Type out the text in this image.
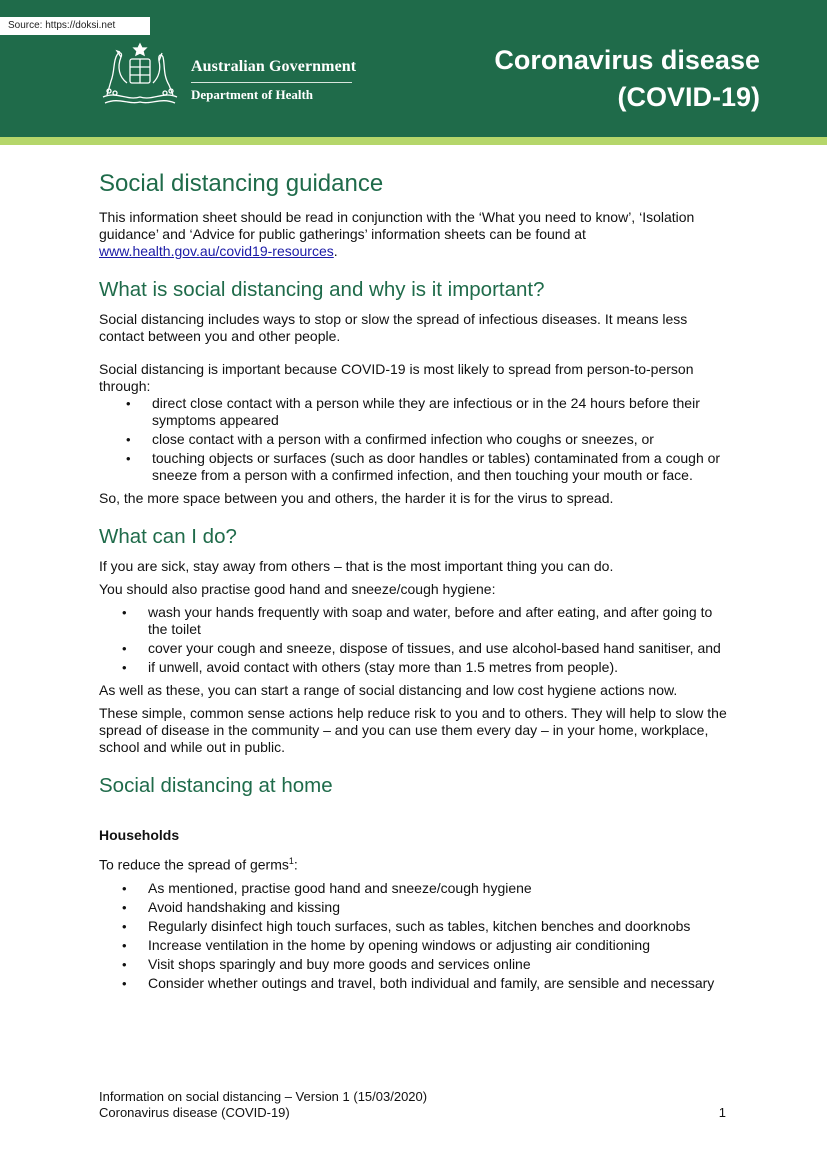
Source: https://doksi.net
Australian Government
Department of Health
Coronavirus disease
(COVID-19)
Social distancing guidance

This information sheet should be read in conjunction with the ‘What you need to know’, ‘Isolation guidance’ and ‘Advice for public gatherings’ information sheets can be found at www.health.gov.au/covid19-resources.

What is social distancing and why is it important?

Social distancing includes ways to stop or slow the spread of infectious diseases. It means less contact between you and other people.

Social distancing is important because COVID-19 is most likely to spread from person-to-person through:

• direct close contact with a person while they are infectious or in the 24 hours before their symptoms appeared
• close contact with a person with a confirmed infection who coughs or sneezes, or
• touching objects or surfaces (such as door handles or tables) contaminated from a cough or sneeze from a person with a confirmed infection, and then touching your mouth or face.

So, the more space between you and others, the harder it is for the virus to spread.

What can I do?

If you are sick, stay away from others – that is the most important thing you can do.

You should also practise good hand and sneeze/cough hygiene:

• wash your hands frequently with soap and water, before and after eating, and after going to the toilet
• cover your cough and sneeze, dispose of tissues, and use alcohol-based hand sanitiser, and
• if unwell, avoid contact with others (stay more than 1.5 metres from people).

As well as these, you can start a range of social distancing and low cost hygiene actions now.

These simple, common sense actions help reduce risk to you and to others. They will help to slow the spread of disease in the community – and you can use them every day – in your home, workplace, school and while out in public.

Social distancing at home
Households

To reduce the spread of germs$^1$:

• As mentioned, practise good hand and sneeze/cough hygiene
• Avoid handshaking and kissing
• Regularly disinfect high touch surfaces, such as tables, kitchen benches and doorknobs
• Increase ventilation in the home by opening windows or adjusting air conditioning
• Visit shops sparingly and buy more goods and services online
• Consider whether outings and travel, both individual and family, are sensible and necessary
Information on social distancing – Version 1 (15/03/2020)
Coronavirus disease (COVID-19)	1
